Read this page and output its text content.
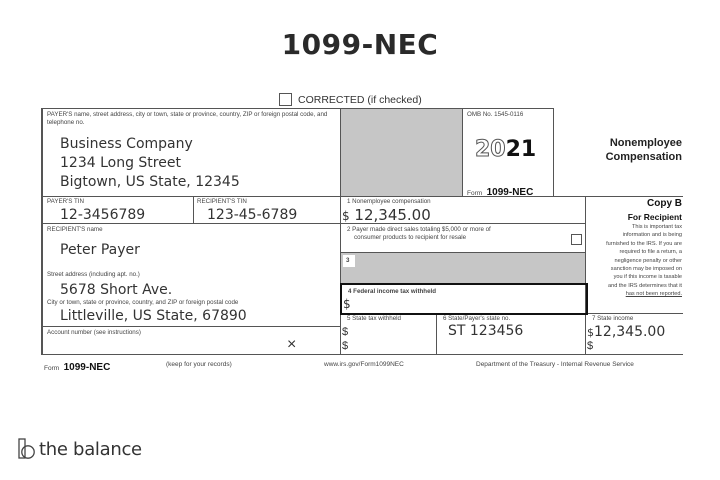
1099-NEC
CORRECTED (if checked)
3
4 Federal income tax withheld
$
PAYER'S name, street address, city or town, state or province, country, ZIP or foreign postal code, and telephone no.
Business Company
1234 Long Street
Bigtown, US State, 12345
OMB No. 1545-0116
2021
Form 1099-NEC
Nonemployee
Compensation
PAYER'S TIN
12-3456789
RECIPIENT'S TIN
123-45-6789
RECIPIENT'S name
Peter Payer
Street address (including apt. no.)
5678 Short Ave.
City or town, state or province, country, and ZIP or foreign postal code
Littleville, US State, 67890
Account number (see instructions)
×
1 Nonemployee compensation
$ 12,345.00
2 Payer made direct sales totaling $5,000 or more of
consumer products to recipient for resale
Copy B
For Recipient
This is important tax
information and is being
furnished to the IRS. If you are
required to file a return, a
negligence penalty or other
sanction may be imposed on
you if this income is taxable
and the IRS determines that it
has not been reported.
5 State tax withheld
$
$
6 State/Payer's state no.
ST 123456
7 State income
$12,345.00
$
Form 1099-NEC	(keep for your records)	www.irs.gov/Form1099NEC	Department of the Treasury - Internal Revenue Service
the balance
